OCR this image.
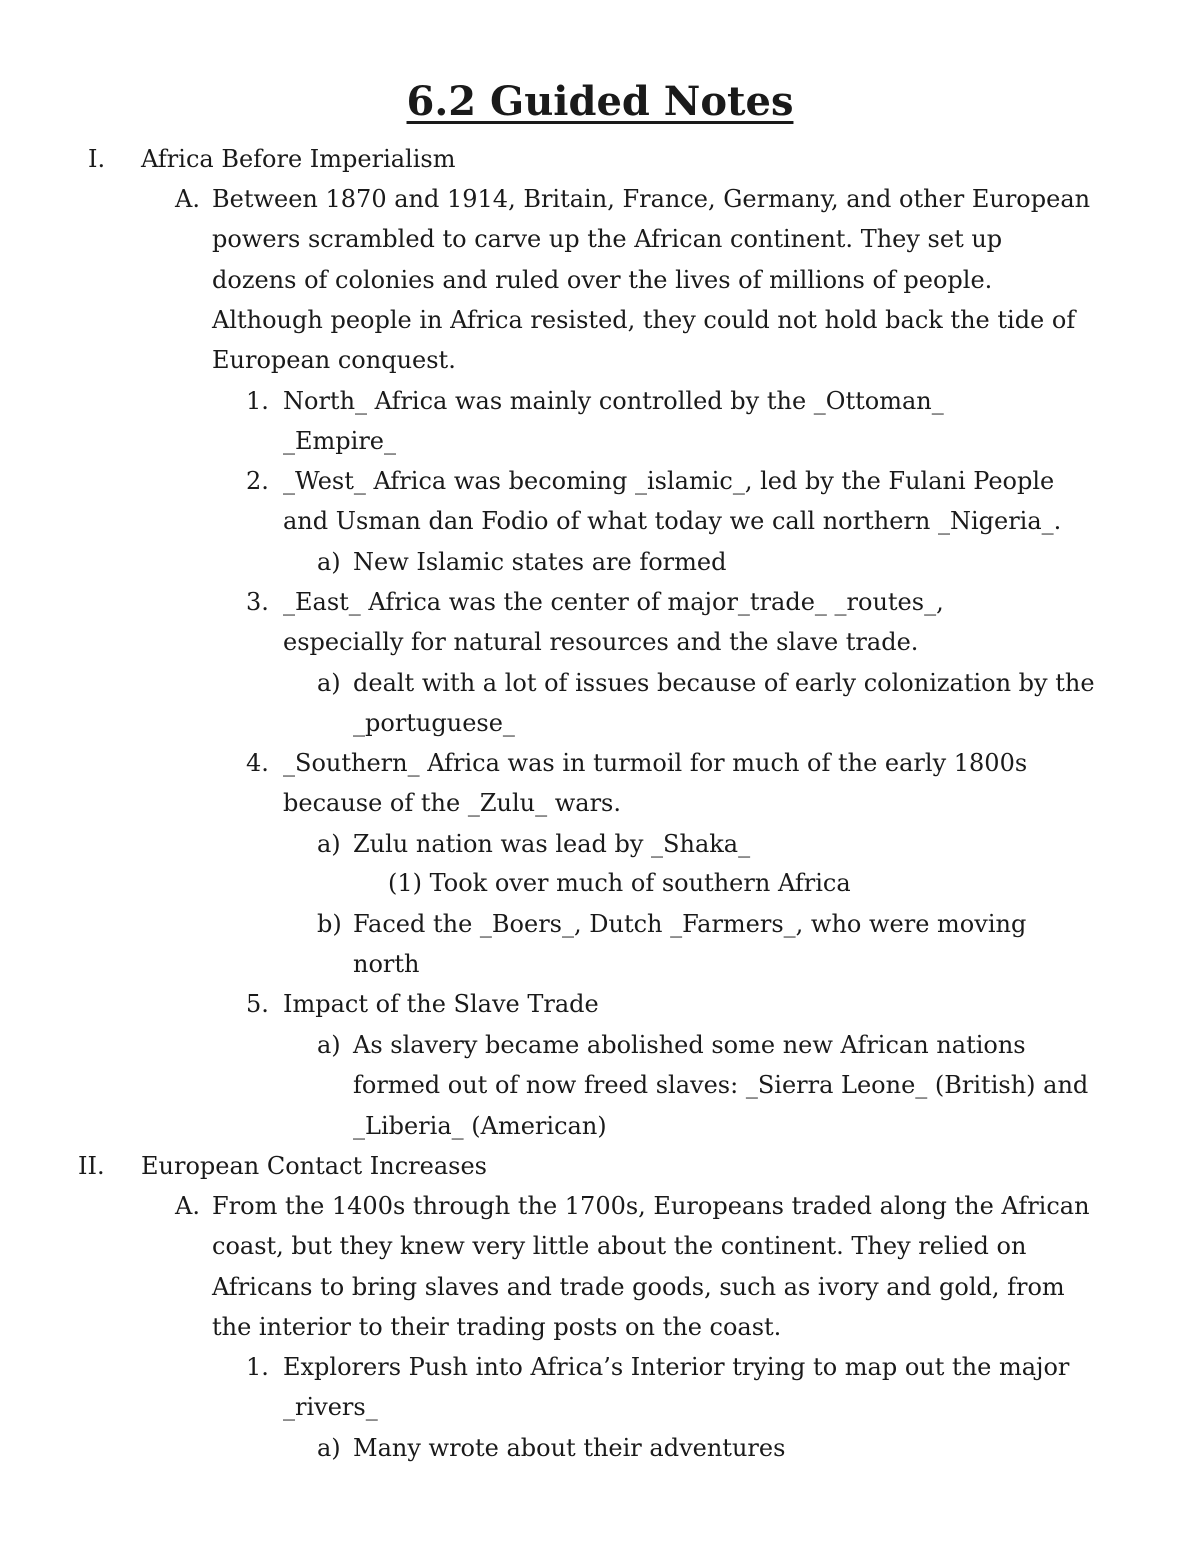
6.2 Guided Notes
I. Africa Before Imperialism
A. Between 1870 and 1914, Britain, France, Germany, and other European
powers scrambled to carve up the African continent. They set up
dozens of colonies and ruled over the lives of millions of people.
Although people in Africa resisted, they could not hold back the tide of
European conquest.
1. North_ Africa was mainly controlled by the _Ottoman_
_Empire_
2. _West_ Africa was becoming _islamic_, led by the Fulani People
and Usman dan Fodio of what today we call northern _Nigeria_.
a) New Islamic states are formed
3. _East_ Africa was the center of major_trade_ _routes_,
especially for natural resources and the slave trade.
a) dealt with a lot of issues because of early colonization by the
_portuguese_
4. _Southern_ Africa was in turmoil for much of the early 1800s
because of the _Zulu_ wars.
a) Zulu nation was lead by _Shaka_
(1) Took over much of southern Africa
b) Faced the _Boers_, Dutch _Farmers_, who were moving
north
5. Impact of the Slave Trade
a) As slavery became abolished some new African nations
formed out of now freed slaves: _Sierra Leone_ (British) and
_Liberia_ (American)
II. European Contact Increases
A. From the 1400s through the 1700s, Europeans traded along the African
coast, but they knew very little about the continent. They relied on
Africans to bring slaves and trade goods, such as ivory and gold, from
the interior to their trading posts on the coast.
1. Explorers Push into Africa’s Interior trying to map out the major
_rivers_
a) Many wrote about their adventures
